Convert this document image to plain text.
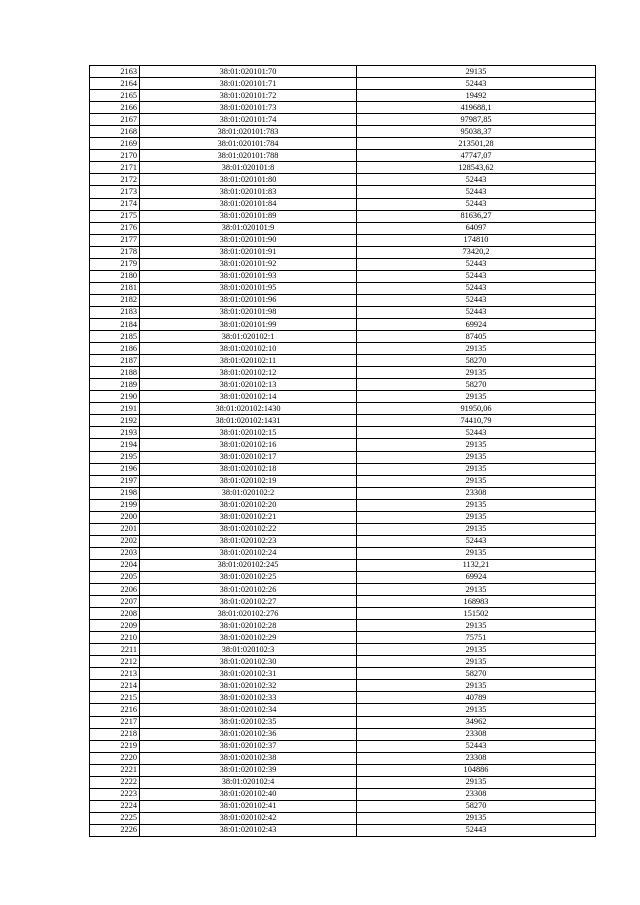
2163	38:01:020101:70	29135
2164	38:01:020101:71	52443
2165	38:01:020101:72	19492
2166	38:01:020101:73	419688,1
2167	38:01:020101:74	97987,85
2168	38:01:020101:783	95038,37
2169	38:01:020101:784	213501,28
2170	38:01:020101:788	47747,07
2171	38:01:020101:8	128543,62
2172	38:01:020101:80	52443
2173	38:01:020101:83	52443
2174	38:01:020101:84	52443
2175	38:01:020101:89	81636,27
2176	38:01:020101:9	64097
2177	38:01:020101:90	174810
2178	38:01:020101:91	73420,2
2179	38:01:020101:92	52443
2180	38:01:020101:93	52443
2181	38:01:020101:95	52443
2182	38:01:020101:96	52443
2183	38:01:020101:98	52443
2184	38:01:020101:99	69924
2185	38:01:020102:1	87405
2186	38:01:020102:10	29135
2187	38:01:020102:11	58270
2188	38:01:020102:12	29135
2189	38:01:020102:13	58270
2190	38:01:020102:14	29135
2191	38:01:020102:1430	91950,06
2192	38:01:020102:1431	74410,79
2193	38:01:020102:15	52443
2194	38:01:020102:16	29135
2195	38:01:020102:17	29135
2196	38:01:020102:18	29135
2197	38:01:020102:19	29135
2198	38:01:020102:2	23308
2199	38:01:020102:20	29135
2200	38:01:020102:21	29135
2201	38:01:020102:22	29135
2202	38:01:020102:23	52443
2203	38:01:020102:24	29135
2204	38:01:020102:245	1132,21
2205	38:01:020102:25	69924
2206	38:01:020102:26	29135
2207	38:01:020102:27	168983
2208	38:01:020102:276	151502
2209	38:01:020102:28	29135
2210	38:01:020102:29	75751
2211	38:01:020102:3	29135
2212	38:01:020102:30	29135
2213	38:01:020102:31	58270
2214	38:01:020102:32	29135
2215	38:01:020102:33	40789
2216	38:01:020102:34	29135
2217	38:01:020102:35	34962
2218	38:01:020102:36	23308
2219	38:01:020102:37	52443
2220	38:01:020102:38	23308
2221	38:01:020102:39	104886
2222	38:01:020102:4	29135
2223	38:01:020102:40	23308
2224	38:01:020102:41	58270
2225	38:01:020102:42	29135
2226	38:01:020102:43	52443
